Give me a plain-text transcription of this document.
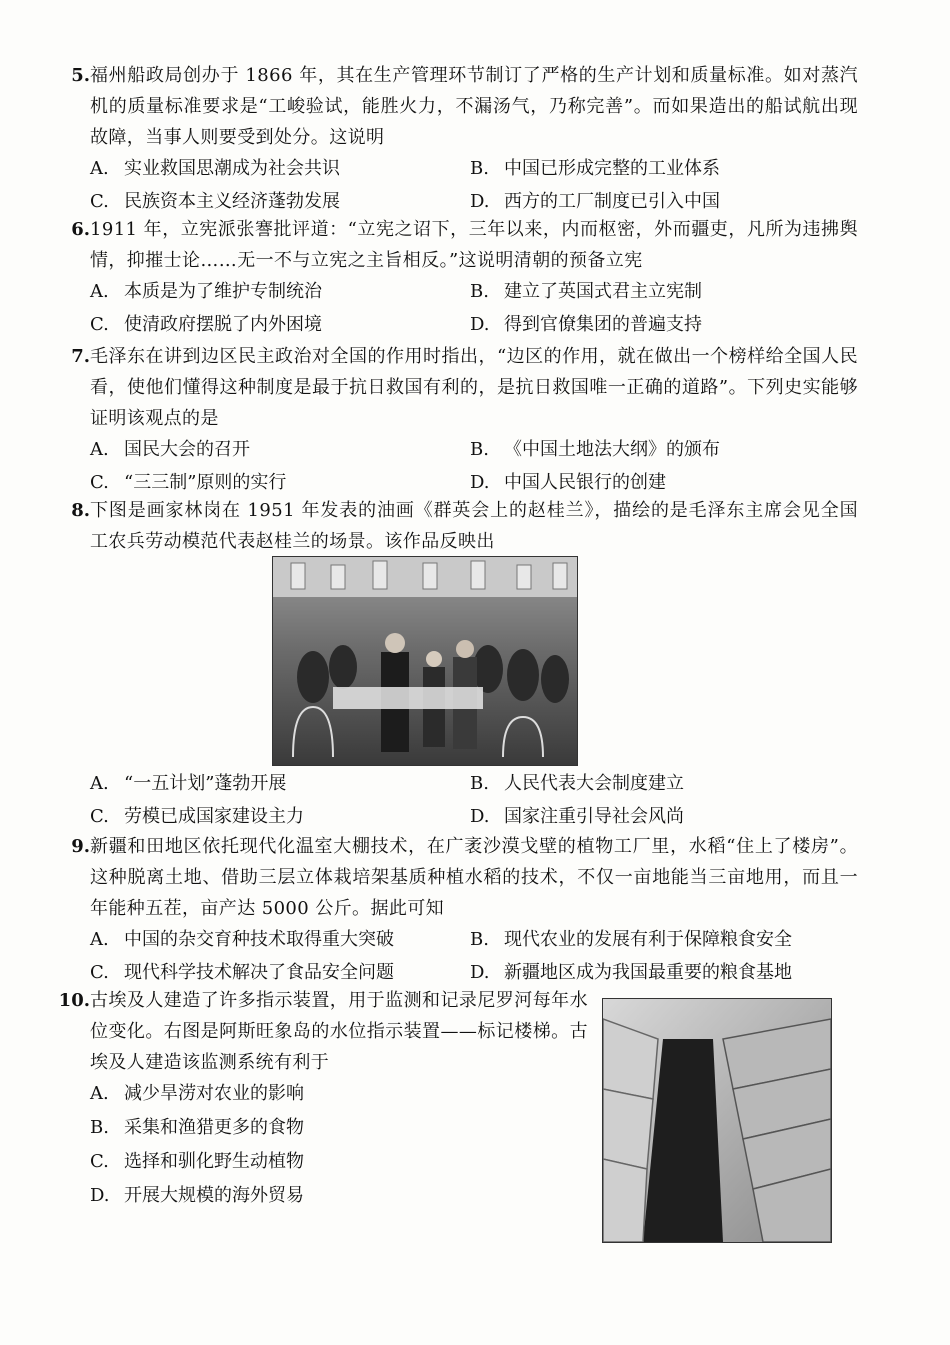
5. 福州船政局创办于 1866 年，其在生产管理环节制订了严格的生产计划和质量标准。如对蒸汽机的质量标准要求是“工峻验试，能胜火力，不漏汤气，乃称完善”。而如果造出的船试航出现故障，当事人则要受到处分。这说明
A. 实业救国思潮成为社会共识	B. 中国已形成完整的工业体系
C. 民族资本主义经济蓬勃发展	D. 西方的工厂制度已引入中国
6. 1911 年，立宪派张謇批评道：“立宪之诏下，三年以来，内而枢密，外而疆吏，凡所为违拂舆情，抑摧士论……无一不与立宪之主旨相反。”这说明清朝的预备立宪
A. 本质是为了维护专制统治	B. 建立了英国式君主立宪制
C. 使清政府摆脱了内外困境	D. 得到官僚集团的普遍支持
7. 毛泽东在讲到边区民主政治对全国的作用时指出，“边区的作用，就在做出一个榜样给全国人民看，使他们懂得这种制度是最于抗日救国有利的，是抗日救国唯一正确的道路”。下列史实能够证明该观点的是
A. 国民大会的召开	B. 《中国土地法大纲》的颁布
C. “三三制”原则的实行	D. 中国人民银行的创建
8. 下图是画家林岗在 1951 年发表的油画《群英会上的赵桂兰》，描绘的是毛泽东主席会见全国工农兵劳动模范代表赵桂兰的场景。该作品反映出
A. “一五计划”蓬勃开展	B. 人民代表大会制度建立
C. 劳模已成国家建设主力	D. 国家注重引导社会风尚
9. 新疆和田地区依托现代化温室大棚技术，在广袤沙漠戈壁的植物工厂里，水稻“住上了楼房”。这种脱离土地、借助三层立体栽培架基质种植水稻的技术，不仅一亩地能当三亩地用，而且一年能种五茬，亩产达 5000 公斤。据此可知
A. 中国的杂交育种技术取得重大突破	B. 现代农业的发展有利于保障粮食安全
C. 现代科学技术解决了食品安全问题	D. 新疆地区成为我国最重要的粮食基地
10. 古埃及人建造了许多指示装置，用于监测和记录尼罗河每年水位变化。右图是阿斯旺象岛的水位指示装置——标记楼梯。古埃及人建造该监测系统有利于
A. 减少旱涝对农业的影响
B. 采集和渔猎更多的食物
C. 选择和驯化野生动植物
D. 开展大规模的海外贸易
